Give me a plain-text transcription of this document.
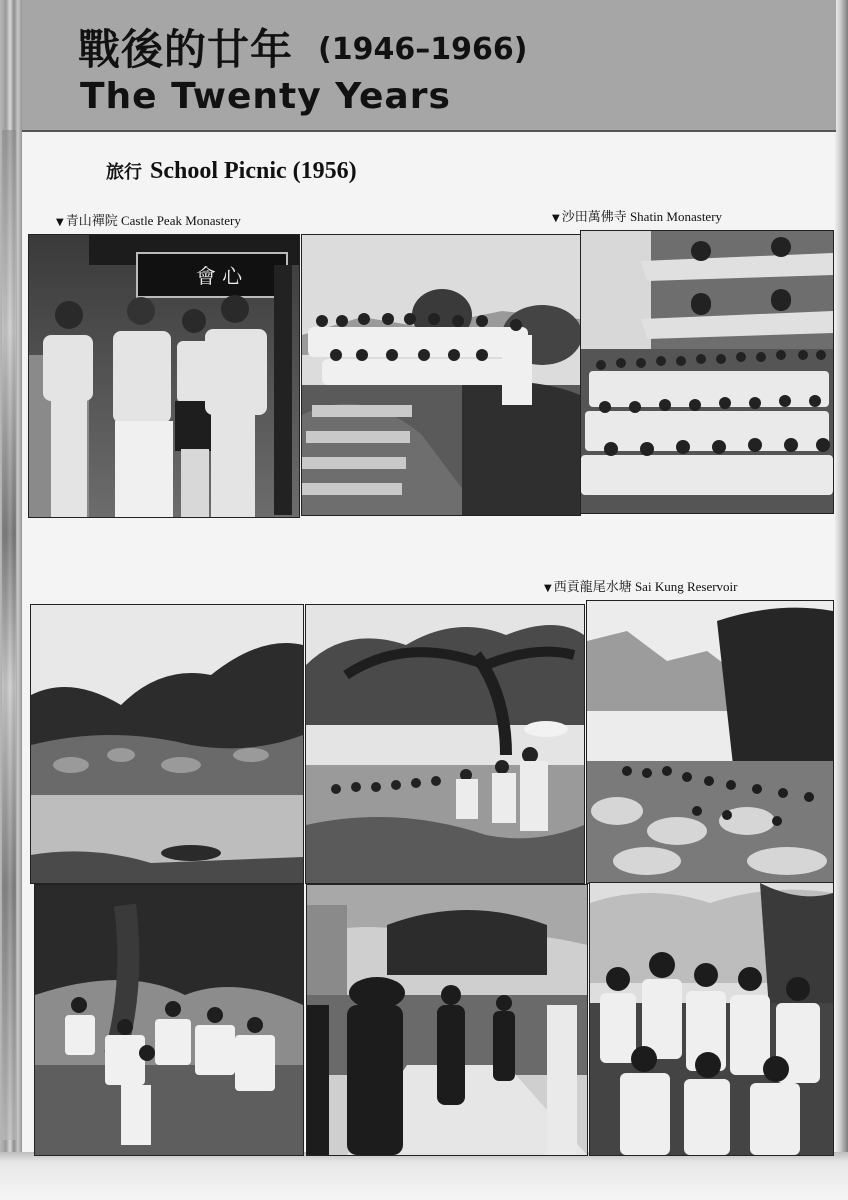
戰後的廿年 (1946–1966)
The Twenty Years
旅行 School Picnic (1956)
▼ 青山禪院 Castle Peak Monastery	▼ 沙田萬佛寺 Shatin Monastery
▼ 西貢龍尾水塘 Sai Kung Reservoir
會 心
